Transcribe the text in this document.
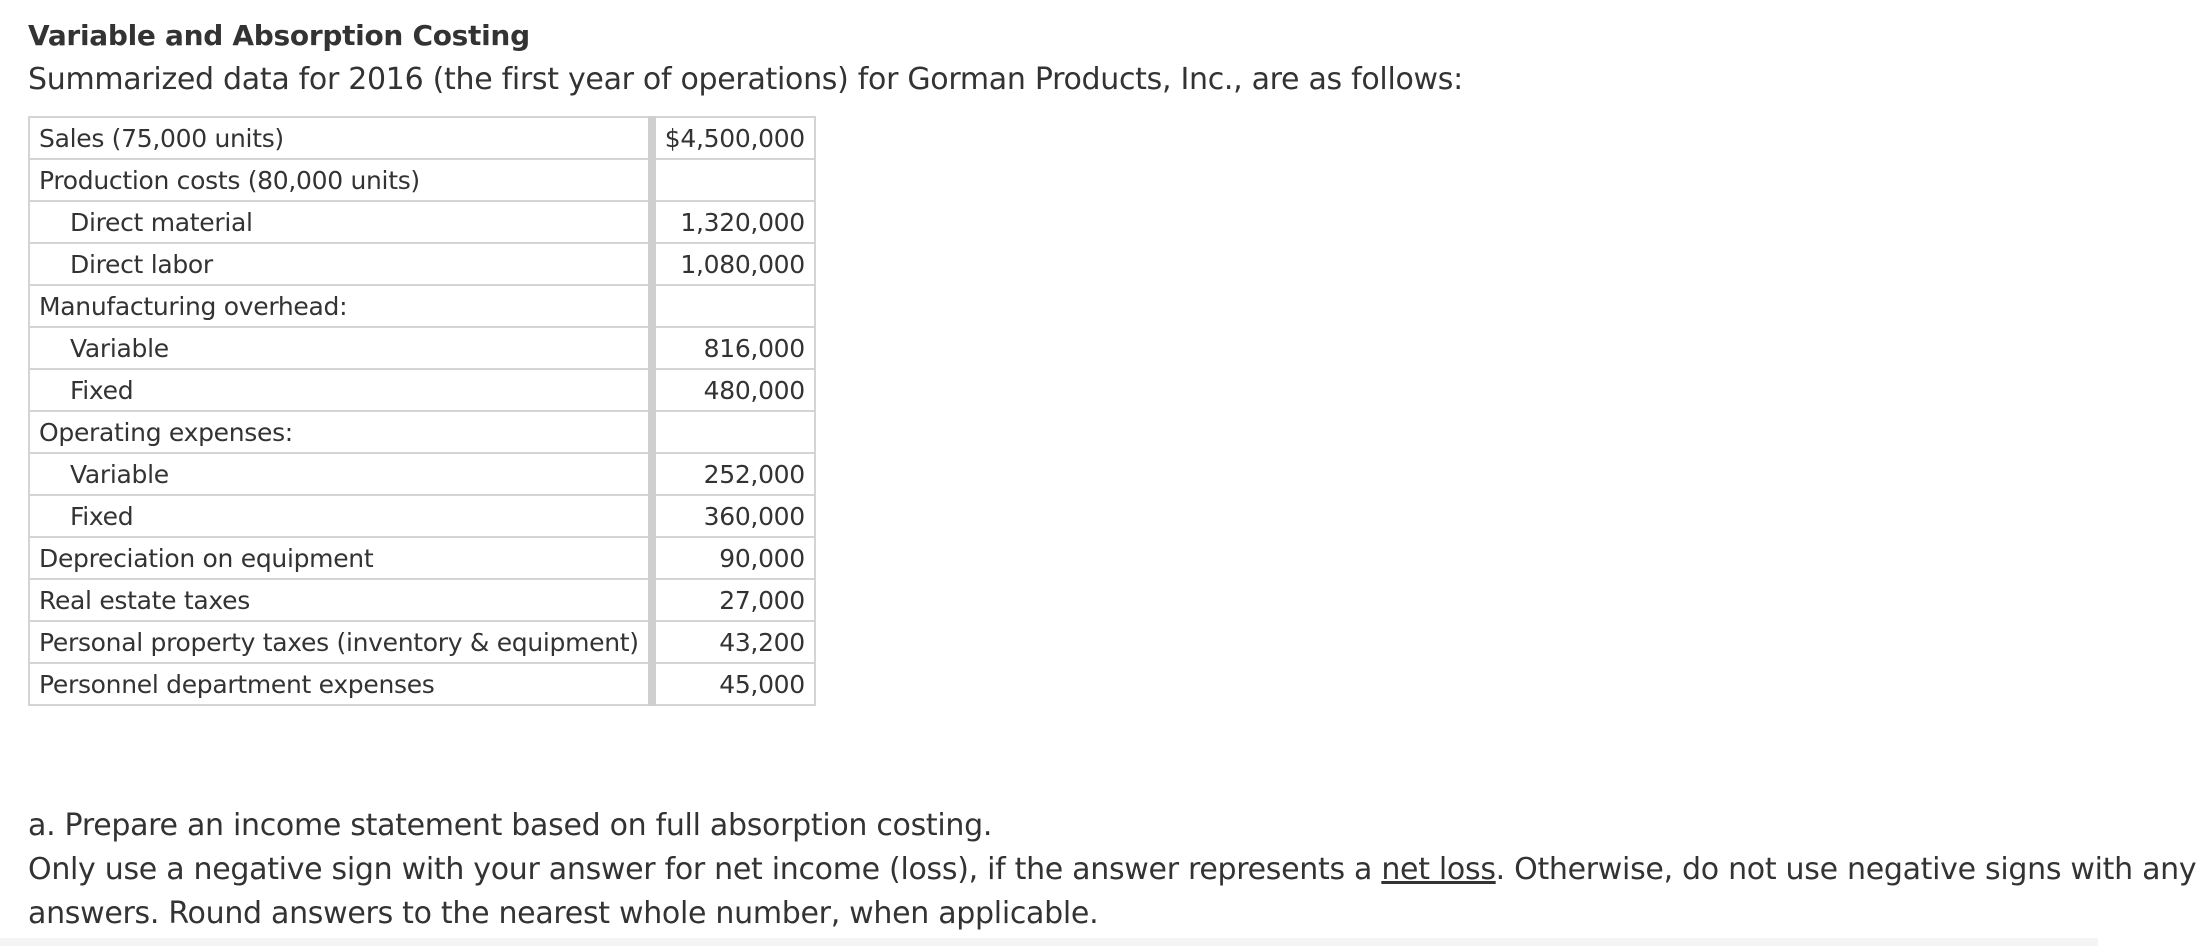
Variable and Absorption Costing

Summarized data for 2016 (the first year of operations) for Gorman Products, Inc., are as follows:

Sales (75,000 units)	$4,500,000
Production costs (80,000 units)	
Direct material	1,320,000
Direct labor	1,080,000
Manufacturing overhead:	
Variable	816,000
Fixed	480,000
Operating expenses:	
Variable	252,000
Fixed	360,000
Depreciation on equipment	90,000
Real estate taxes	27,000
Personal property taxes (inventory & equipment)	43,200
Personnel department expenses	45,000

a. Prepare an income statement based on full absorption costing.

Only use a negative sign with your answer for net income (loss), if the answer represents a net loss. Otherwise, do not use negative signs with any

answers. Round answers to the nearest whole number, when applicable.
